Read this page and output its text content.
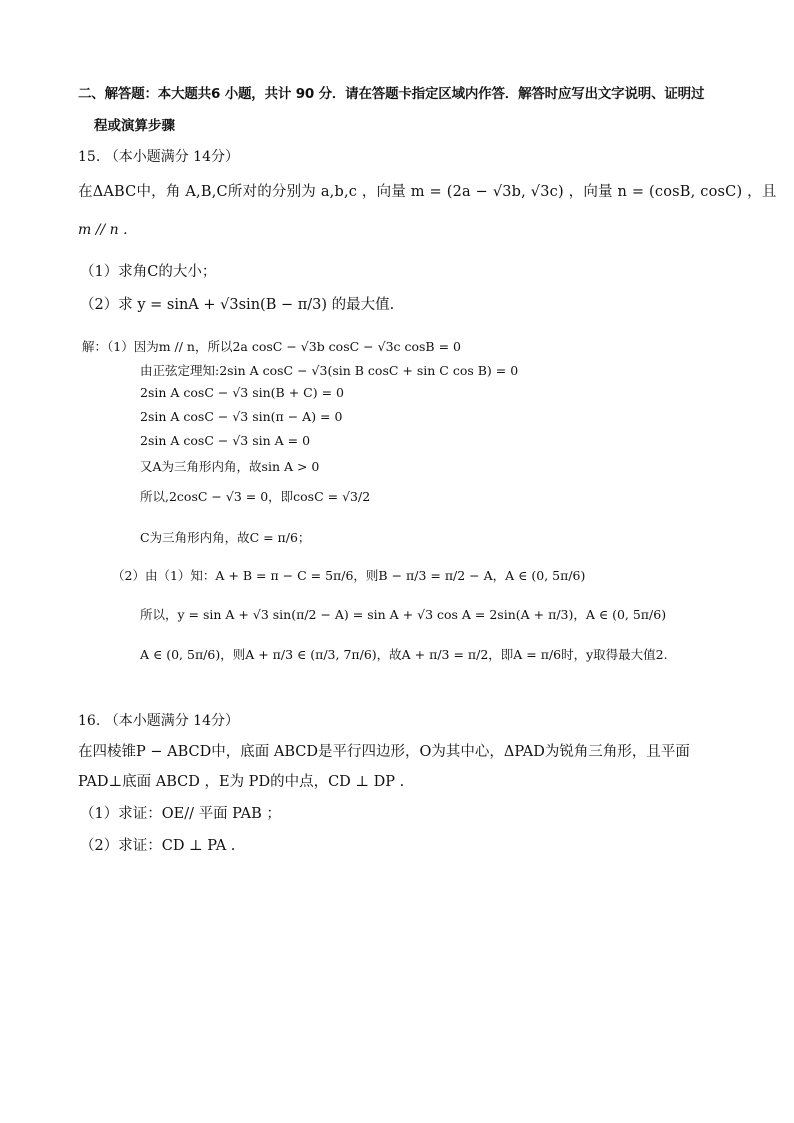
二、解答题：本大题共6 小题，共计 90 分．请在答题卡指定区域内作答．解答时应写出文字说明、证明过
程或演算步骤
15. （本小题满分 14分）
在ΔABC中，角 A,B,C所对的分别为 a,b,c ，向量 m = (2a − √3b, √3c) ，向量 n = (cosB, cosC) ，且
m // n .
（1）求角C的大小；
（2）求 y = sinA + √3sin(B − π/3) 的最大值.
解：（1）因为m // n，所以2a cosC − √3b cosC − √3c cosB = 0
由正弦定理知:2sin A cosC − √3(sin B cosC + sin C cos B) = 0
2sin A cosC − √3 sin(B + C) = 0
2sin A cosC − √3 sin(π − A) = 0
2sin A cosC − √3 sin A = 0
又A为三角形内角，故sin A > 0
所以,2cosC − √3 = 0，即cosC = √3/2
C为三角形内角，故C = π/6；
（2）由（1）知：A + B = π − C = 5π/6，则B − π/3 = π/2 − A，A ∈ (0, 5π/6)
所以，y = sin A + √3 sin(π/2 − A) = sin A + √3 cos A = 2sin(A + π/3)，A ∈ (0, 5π/6)
A ∈ (0, 5π/6)，则A + π/3 ∈ (π/3, 7π/6)，故A + π/3 = π/2，即A = π/6时，y取得最大值2.
16. （本小题满分 14分）
在四棱锥P − ABCD中，底面 ABCD是平行四边形，O为其中心，ΔPAD为锐角三角形，且平面
PAD⊥底面 ABCD ，E为 PD的中点，CD ⊥ DP .
（1）求证：OE// 平面 PAB ；
（2）求证：CD ⊥ PA .
